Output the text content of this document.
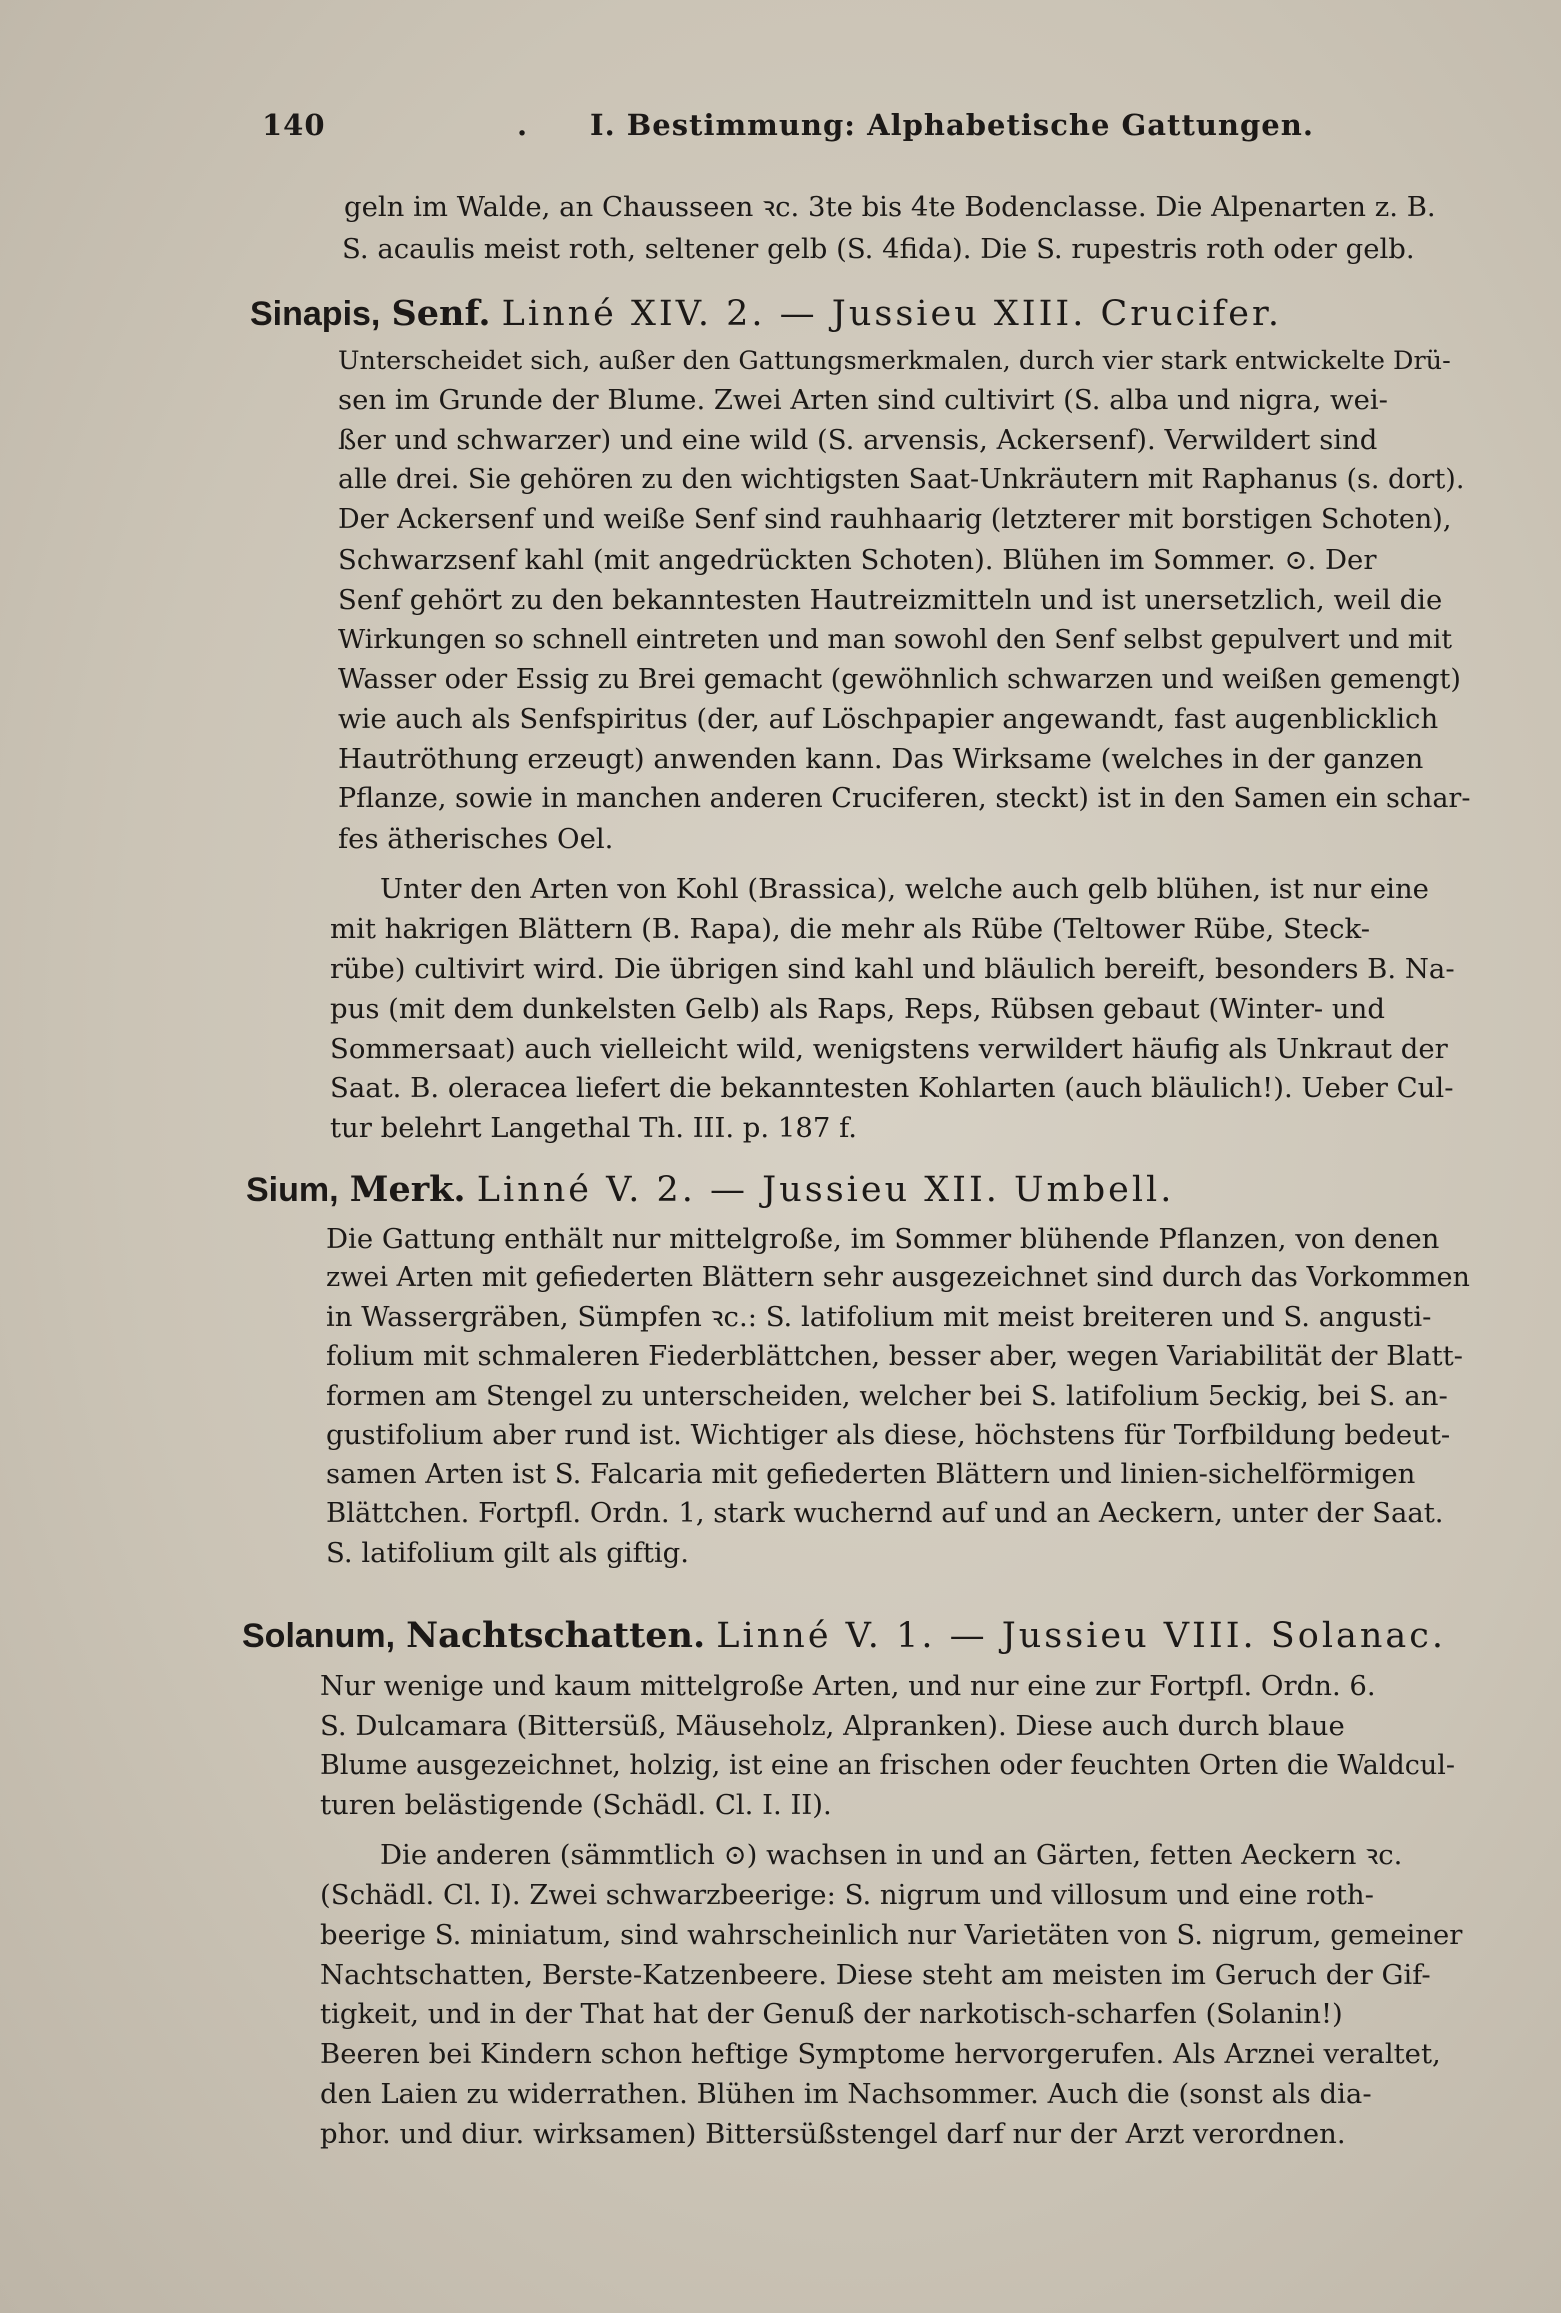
140	. I. Bestimmung: Alphabetische Gattungen.
geln im Walde, an Chausseen ꝛc. 3te bis 4te Bodenclasse. Die Alpenarten z. B.
S. acaulis meist roth, seltener gelb (S. 4fida). Die S. rupestris roth oder gelb.
Sinapis, Senf. Linné XIV. 2. — Jussieu XIII. Crucifer.
Unterscheidet sich, außer den Gattungsmerkmalen, durch vier stark entwickelte Drü-
sen im Grunde der Blume. Zwei Arten sind cultivirt (S. alba und nigra, wei-
ßer und schwarzer) und eine wild (S. arvensis, Ackersenf). Verwildert sind
alle drei. Sie gehören zu den wichtigsten Saat-Unkräutern mit Raphanus (s. dort).
Der Ackersenf und weiße Senf sind rauhhaarig (letzterer mit borstigen Schoten),
Schwarzsenf kahl (mit angedrückten Schoten). Blühen im Sommer. ⊙. Der
Senf gehört zu den bekanntesten Hautreizmitteln und ist unersetzlich, weil die
Wirkungen so schnell eintreten und man sowohl den Senf selbst gepulvert und mit
Wasser oder Essig zu Brei gemacht (gewöhnlich schwarzen und weißen gemengt)
wie auch als Senfspiritus (der, auf Löschpapier angewandt, fast augenblicklich
Hautröthung erzeugt) anwenden kann. Das Wirksame (welches in der ganzen
Pflanze, sowie in manchen anderen Cruciferen, steckt) ist in den Samen ein schar-
fes ätherisches Oel.
Unter den Arten von Kohl (Brassica), welche auch gelb blühen, ist nur eine
mit hakrigen Blättern (B. Rapa), die mehr als Rübe (Teltower Rübe, Steck-
rübe) cultivirt wird. Die übrigen sind kahl und bläulich bereift, besonders B. Na-
pus (mit dem dunkelsten Gelb) als Raps, Reps, Rübsen gebaut (Winter- und
Sommersaat) auch vielleicht wild, wenigstens verwildert häufig als Unkraut der
Saat. B. oleracea liefert die bekanntesten Kohlarten (auch bläulich!). Ueber Cul-
tur belehrt Langethal Th. III. p. 187 f.
Sium, Merk. Linné V. 2. — Jussieu XII. Umbell.
Die Gattung enthält nur mittelgroße, im Sommer blühende Pflanzen, von denen
zwei Arten mit gefiederten Blättern sehr ausgezeichnet sind durch das Vorkommen
in Wassergräben, Sümpfen ꝛc.: S. latifolium mit meist breiteren und S. angusti-
folium mit schmaleren Fiederblättchen, besser aber, wegen Variabilität der Blatt-
formen am Stengel zu unterscheiden, welcher bei S. latifolium 5eckig, bei S. an-
gustifolium aber rund ist. Wichtiger als diese, höchstens für Torfbildung bedeut-
samen Arten ist S. Falcaria mit gefiederten Blättern und linien-sichelförmigen
Blättchen. Fortpfl. Ordn. 1, stark wuchernd auf und an Aeckern, unter der Saat.
S. latifolium gilt als giftig.
Solanum, Nachtschatten. Linné V. 1. — Jussieu VIII. Solanac.
Nur wenige und kaum mittelgroße Arten, und nur eine zur Fortpfl. Ordn. 6.
S. Dulcamara (Bittersüß, Mäuseholz, Alpranken). Diese auch durch blaue
Blume ausgezeichnet, holzig, ist eine an frischen oder feuchten Orten die Waldcul-
turen belästigende (Schädl. Cl. I. II).
Die anderen (sämmtlich ⊙) wachsen in und an Gärten, fetten Aeckern ꝛc.
(Schädl. Cl. I). Zwei schwarzbeerige: S. nigrum und villosum und eine roth-
beerige S. miniatum, sind wahrscheinlich nur Varietäten von S. nigrum, gemeiner
Nachtschatten, Berste-Katzenbeere. Diese steht am meisten im Geruch der Gif-
tigkeit, und in der That hat der Genuß der narkotisch-scharfen (Solanin!)
Beeren bei Kindern schon heftige Symptome hervorgerufen. Als Arznei veraltet,
den Laien zu widerrathen. Blühen im Nachsommer. Auch die (sonst als dia-
phor. und diur. wirksamen) Bittersüßstengel darf nur der Arzt verordnen.
